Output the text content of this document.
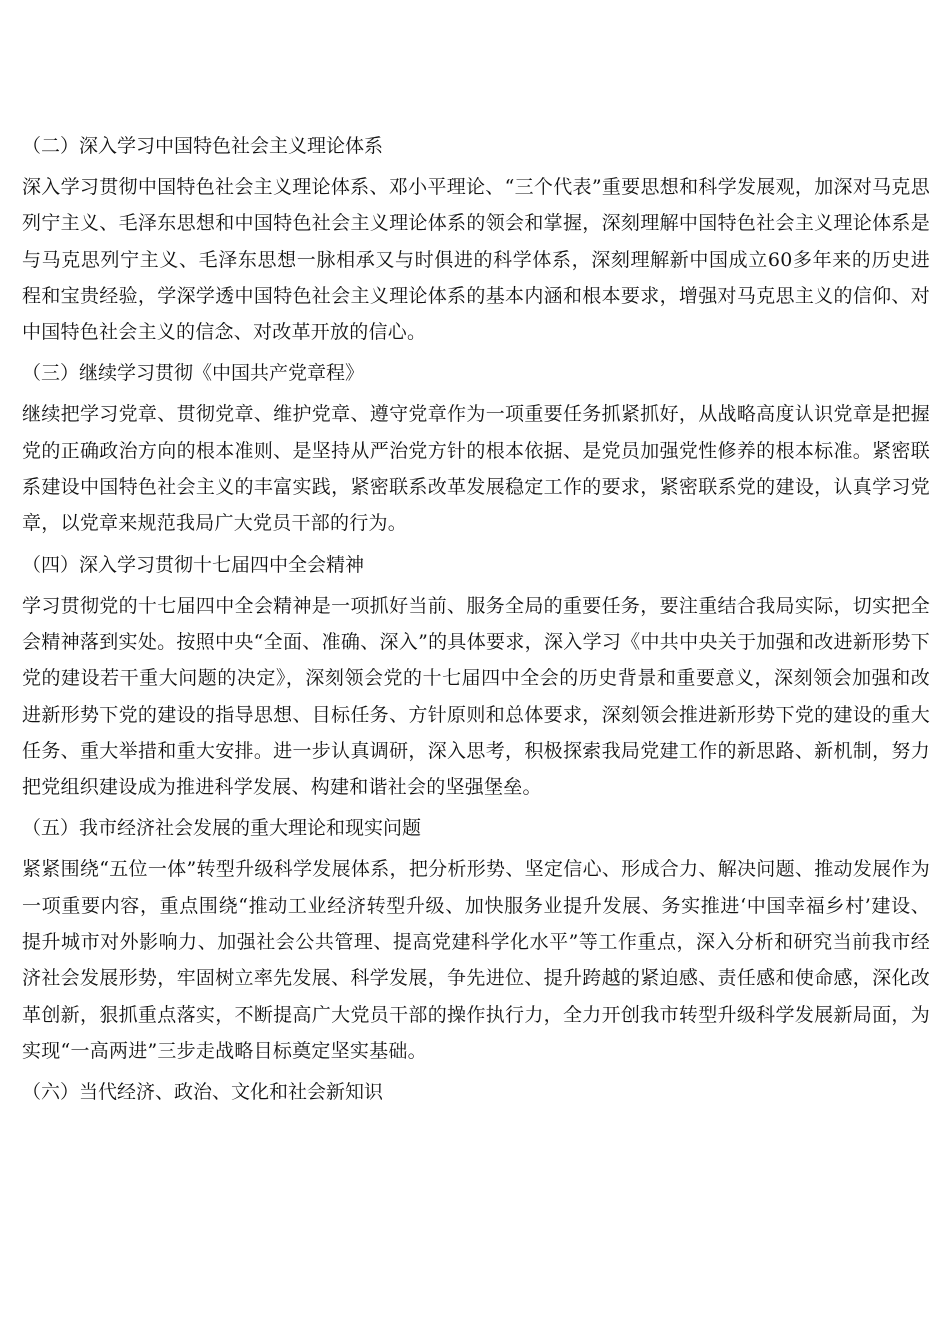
（二）深入学习中国特色社会主义理论体系

深入学习贯彻中国特色社会主义理论体系、邓小平理论、“三个代表”重要思想和科学发展观，加深对马克思列宁主义、毛泽东思想和中国特色社会主义理论体系的领会和掌握，深刻理解中国特色社会主义理论体系是与马克思列宁主义、毛泽东思想一脉相承又与时俱进的科学体系，深刻理解新中国成立60多年来的历史进程和宝贵经验，学深学透中国特色社会主义理论体系的基本内涵和根本要求，增强对马克思主义的信仰、对中国特色社会主义的信念、对改革开放的信心。

（三）继续学习贯彻《中国共产党章程》

继续把学习党章、贯彻党章、维护党章、遵守党章作为一项重要任务抓紧抓好，从战略高度认识党章是把握党的正确政治方向的根本准则、是坚持从严治党方针的根本依据、是党员加强党性修养的根本标准。紧密联系建设中国特色社会主义的丰富实践，紧密联系改革发展稳定工作的要求，紧密联系党的建设，认真学习党章，以党章来规范我局广大党员干部的行为。

（四）深入学习贯彻十七届四中全会精神

学习贯彻党的十七届四中全会精神是一项抓好当前、服务全局的重要任务，要注重结合我局实际，切实把全会精神落到实处。按照中央“全面、准确、深入”的具体要求，深入学习《中共中央关于加强和改进新形势下党的建设若干重大问题的决定》，深刻领会党的十七届四中全会的历史背景和重要意义，深刻领会加强和改进新形势下党的建设的指导思想、目标任务、方针原则和总体要求，深刻领会推进新形势下党的建设的重大任务、重大举措和重大安排。进一步认真调研，深入思考，积极探索我局党建工作的新思路、新机制，努力把党组织建设成为推进科学发展、构建和谐社会的坚强堡垒。

（五）我市经济社会发展的重大理论和现实问题

紧紧围绕“五位一体”转型升级科学发展体系，把分析形势、坚定信心、形成合力、解决问题、推动发展作为一项重要内容，重点围绕“推动工业经济转型升级、加快服务业提升发展、务实推进‘中国幸福乡村’建设、提升城市对外影响力、加强社会公共管理、提高党建科学化水平”等工作重点，深入分析和研究当前我市经济社会发展形势，牢固树立率先发展、科学发展，争先进位、提升跨越的紧迫感、责任感和使命感，深化改革创新，狠抓重点落实，不断提高广大党员干部的操作执行力，全力开创我市转型升级科学发展新局面，为实现“一高两进”三步走战略目标奠定坚实基础。

（六）当代经济、政治、文化和社会新知识
